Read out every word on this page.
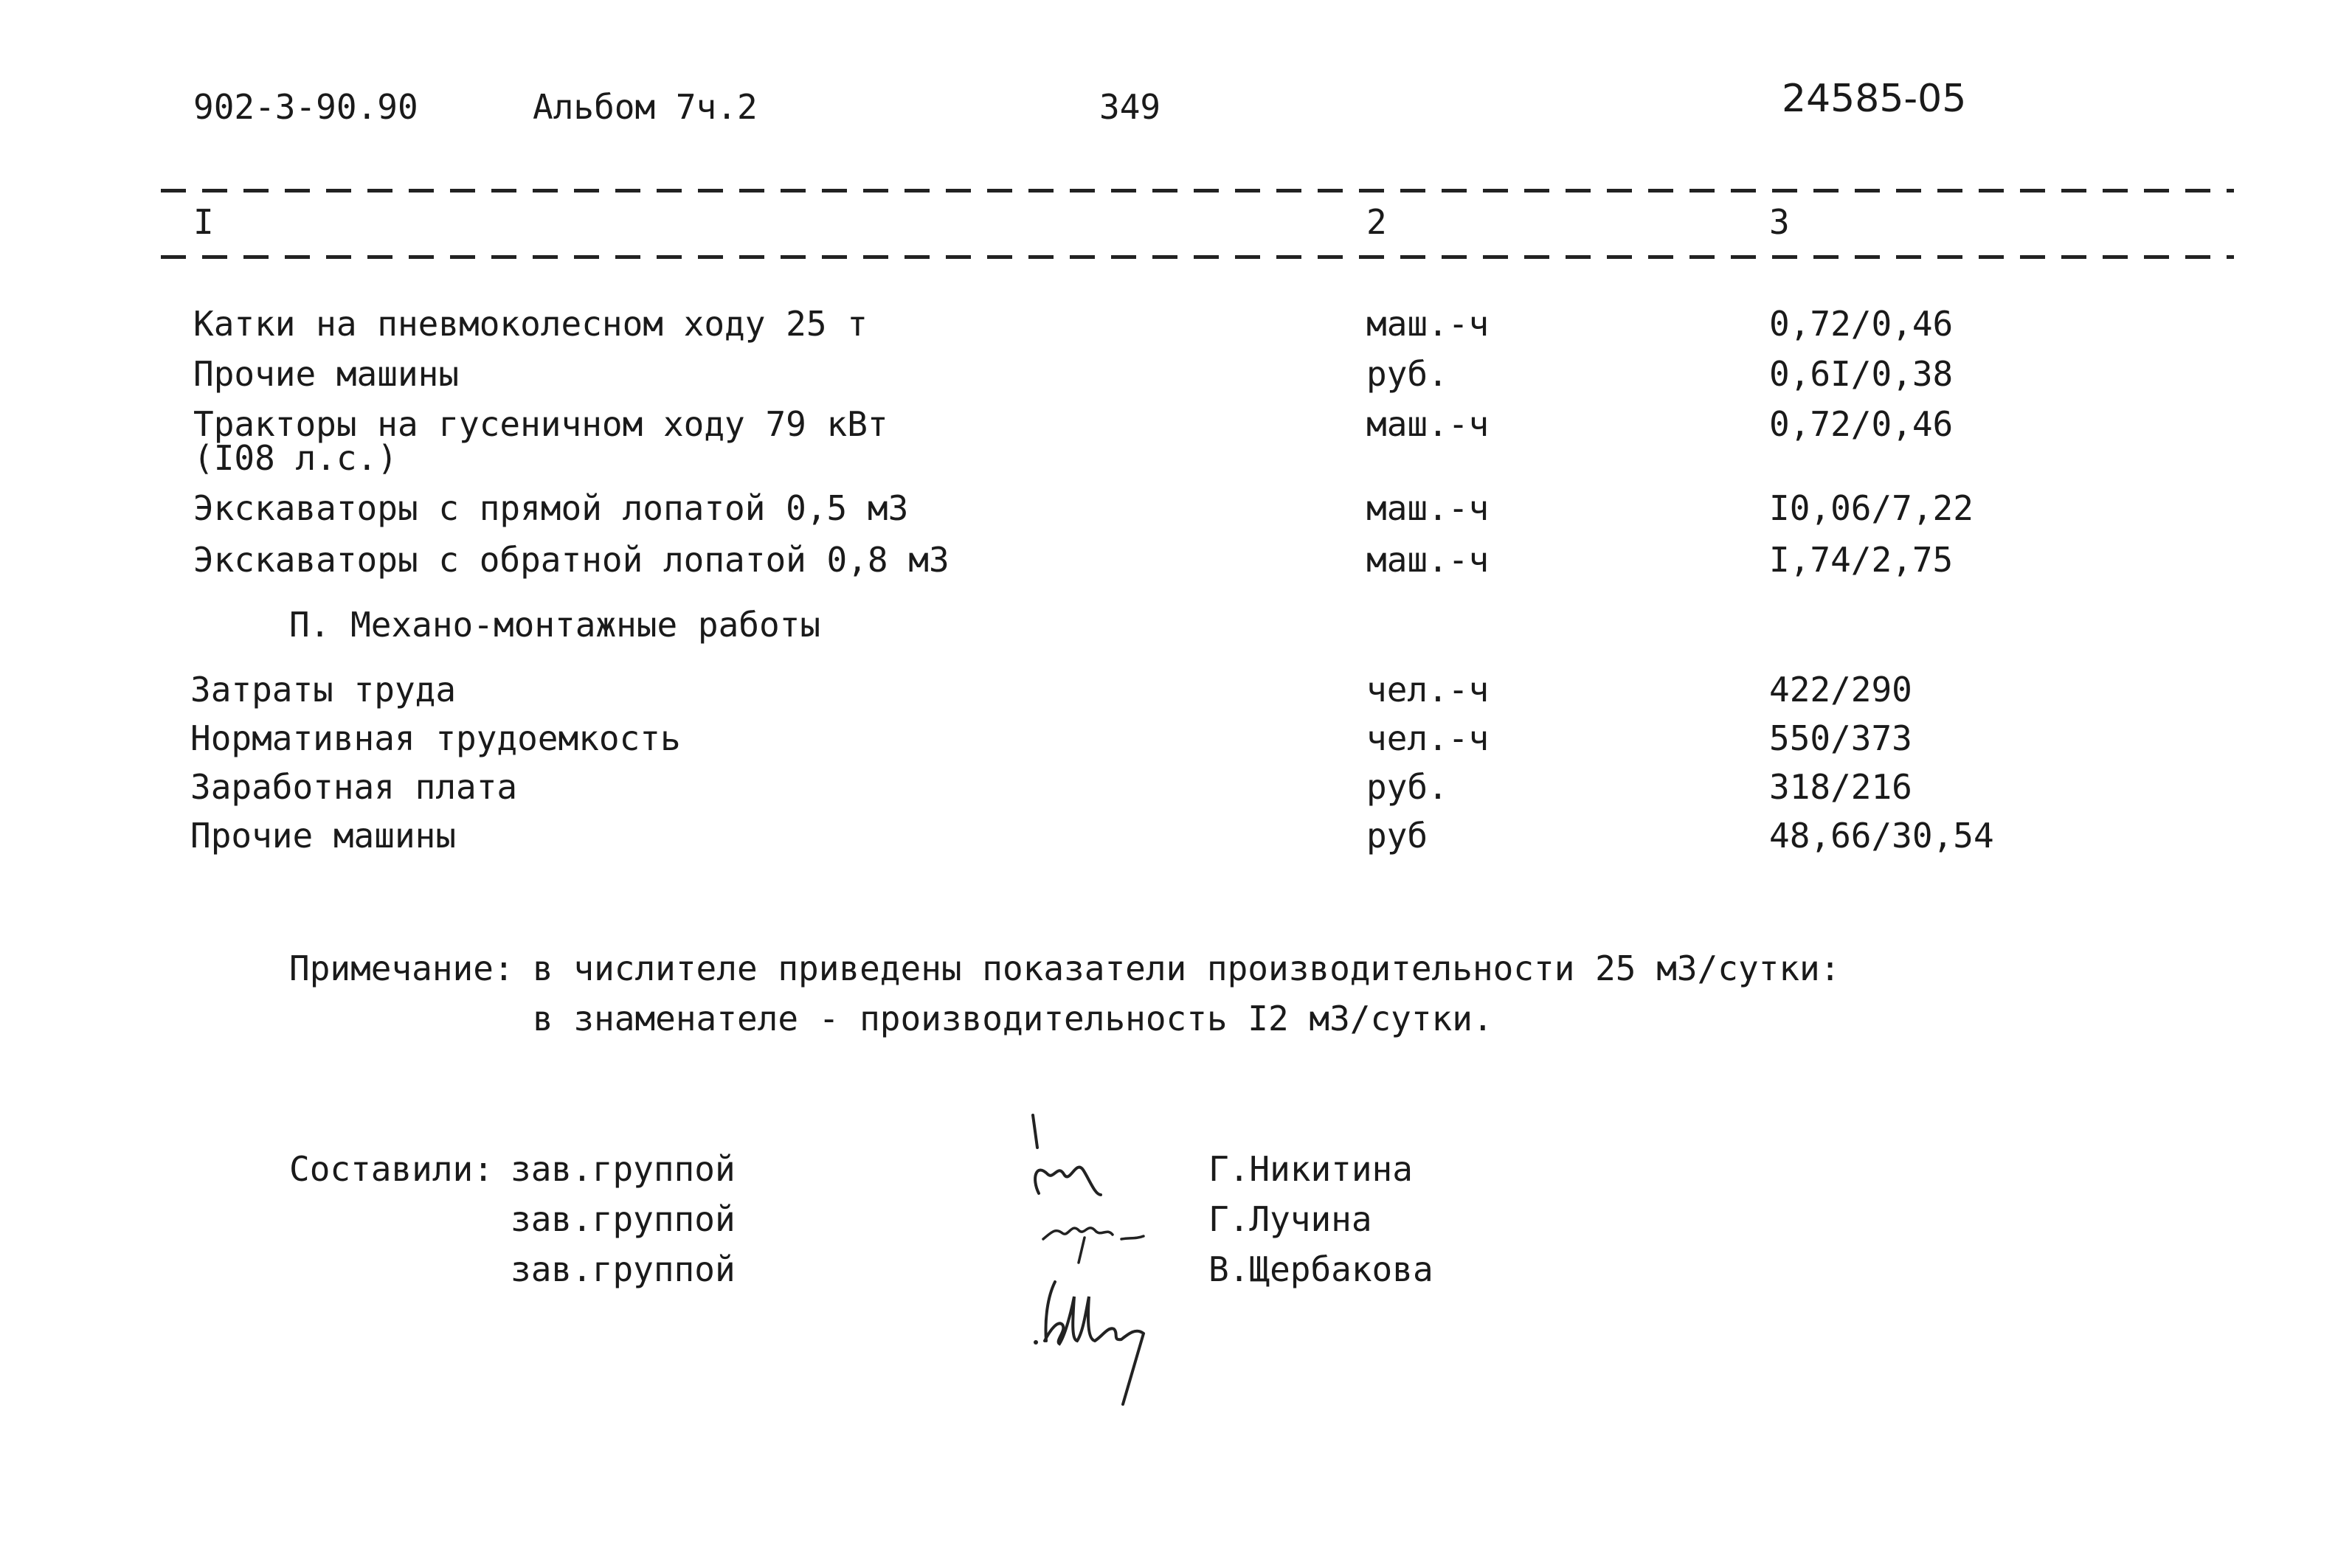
902-3-90.90	Альбом 7ч.2	349	24585-05
I	2	3
Катки на пневмоколесном ходу 25 т	маш.-ч	0,72/0,46
Прочие машины	руб.	0,6I/0,38
Тракторы на гусеничном ходу 79 кВт
(I08 л.с.)
маш.-ч	0,72/0,46
Экскаваторы с прямой лопатой 0,5 м3	маш.-ч	I0,06/7,22
Экскаваторы с обратной лопатой 0,8 м3	маш.-ч	I,74/2,75
П. Механо-монтажные работы
Затраты труда	чел.-ч	422/290
Нормативная трудоемкость	чел.-ч	550/373
Заработная плата	руб.	318/216
Прочие машины	руб	48,66/30,54
Примечание: в числителе приведены показатели производительности 25 м3/сутки:
в знаменателе - производительность I2 м3/сутки.
Составили: зав.группой	Г.Никитина
зав.группой	Г.Лучина
зав.группой	В.Щербакова
